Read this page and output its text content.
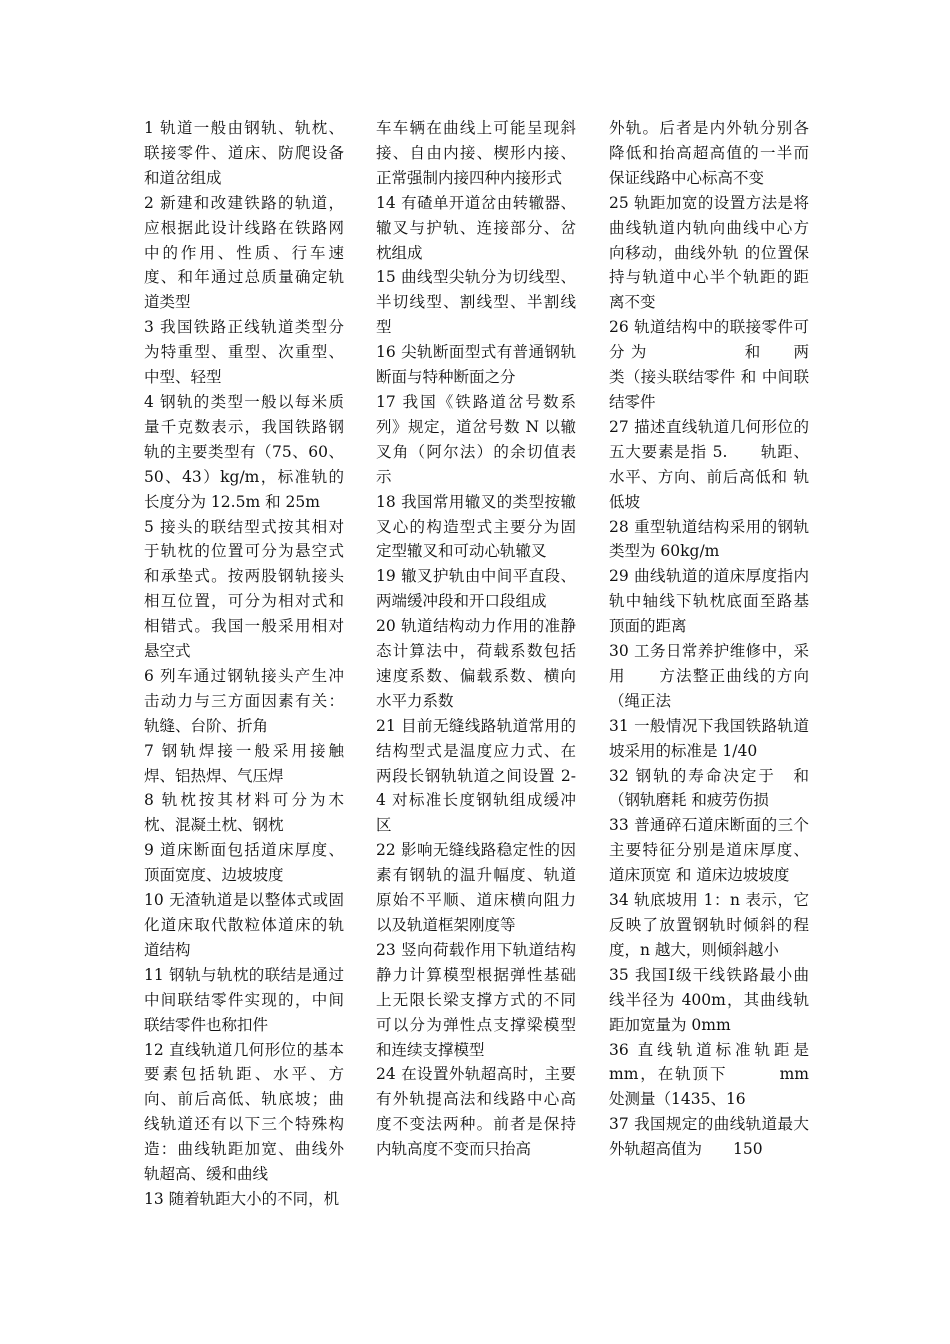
1 轨道一般由钢轨、轨枕、联接零件、道床、防爬设备和道岔组成

2 新建和改建铁路的轨道，应根据此设计线路在铁路网中的作用、性质、行车速度、和年通过总质量确定轨道类型

3 我国铁路正线轨道类型分为特重型、重型、次重型、中型、轻型

4 钢轨的类型一般以每米质量千克数表示，我国铁路钢轨的主要类型有（75、60、50、43）kg/m，标准轨的长度分为 12.5m 和 25m

5 接头的联结型式按其相对于轨枕的位置可分为悬空式和承垫式。按两股钢轨接头相互位置，可分为相对式和相错式。我国一般采用相对悬空式

6 列车通过钢轨接头产生冲击动力与三方面因素有关：轨缝、台阶、折角

7 钢轨焊接一般采用接触焊、铝热焊、气压焊

8 轨枕按其材料可分为木枕、混凝土枕、钢枕

9 道床断面包括道床厚度、顶面宽度、边坡坡度

10 无渣轨道是以整体式或固化道床取代散粒体道床的轨道结构

11 钢轨与轨枕的联结是通过中间联结零件实现的，中间联结零件也称扣件

12 直线轨道几何形位的基本要素包括轨距、水平、方向、前后高低、轨底坡；曲线轨道还有以下三个特殊构造：曲线轨距加宽、曲线外轨超高、缓和曲线

13 随着轨距大小的不同，机

车车辆在曲线上可能呈现斜接、自由内接、楔形内接、正常强制内接四种内接形式

14 有碴单开道岔由转辙器、辙叉与护轨、连接部分、岔枕组成

15 曲线型尖轨分为切线型、半切线型、割线型、半割线型

16 尖轨断面型式有普通钢轨断面与特种断面之分

17 我国《铁路道岔号数系列》规定，道岔号数 N 以辙叉角（阿尔法）的余切值表示

18 我国常用辙叉的类型按辙叉心的构造型式主要分为固定型辙叉和可动心轨辙叉

19 辙叉护轨由中间平直段、两端缓冲段和开口段组成

20 轨道结构动力作用的准静态计算法中，荷载系数包括速度系数、偏载系数、横向水平力系数

21 目前无缝线路轨道常用的结构型式是温度应力式、在两段长钢轨轨道之间设置 2-4 对标准长度钢轨组成缓冲区

22 影响无缝线路稳定性的因素有钢轨的温升幅度、轨道原始不平顺、道床横向阻力以及轨道框架刚度等

23 竖向荷载作用下轨道结构静力计算模型根据弹性基础上无限长梁支撑方式的不同可以分为弹性点支撑梁模型和连续支撑模型

24 在设置外轨超高时，主要有外轨提高法和线路中心高度不变法两种。前者是保持内轨高度不变而只抬高

外轨。后者是内外轨分别各降低和抬高超高值的一半而保证线路中心标高不变

25 轨距加宽的设置方法是将曲线轨道内轨向曲线中心方向移动，曲线外轨 的位置保持与轨道中心半个轨距的距离不变

26 轨道结构中的联接零件可 分 为　　　　　　和　　两类（接头联结零件 和 中间联结零件

27 描述直线轨道几何形位的五大要素是指 5.　　轨距、水平、方向、前后高低和 轨低坡

28 重型轨道结构采用的钢轨类型为 60kg/m

29 曲线轨道的道床厚度指内轨中轴线下轨枕底面至路基顶面的距离

30 工务日常养护维修中，采用　　方法整正曲线的方向（绳正法

31 一般情况下我国铁路轨道坡采用的标准是 1/40

32 钢轨的寿命决定于　和　　　（钢轨磨耗 和疲劳伤损

33 普通碎石道床断面的三个主要特征分别是道床厚度、道床顶宽 和 道床边坡坡度

34 轨底坡用 1：n 表示，它反映了放置钢轨时倾斜的程度，n 越大，则倾斜越小

35 我国Ⅰ级干线铁路最小曲线半径为 400m，其曲线轨距加宽量为 0mm

36 直线轨道标准轨距是　　mm，在轨顶下　　　mm 处测量（1435、16

37 我国规定的曲线轨道最大外轨超高值为　　150
